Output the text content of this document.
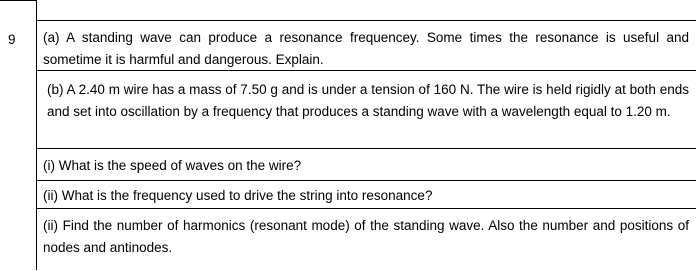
9 (a) A standing wave can produce a resonance frequencey. Some times the resonance is useful and sometime it is harmful and dangerous. Explain.

(b) A 2.40 m wire has a mass of 7.50 g and is under a tension of 160 N. The wire is held rigidly at both ends and set into oscillation by a frequency that produces a standing wave with a wavelength equal to 1.20 m.

(i) What is the speed of waves on the wire?

(ii) What is the frequency used to drive the string into resonance?

(ii) Find the number of harmonics (resonant mode) of the standing wave. Also the number and positions of nodes and antinodes.
